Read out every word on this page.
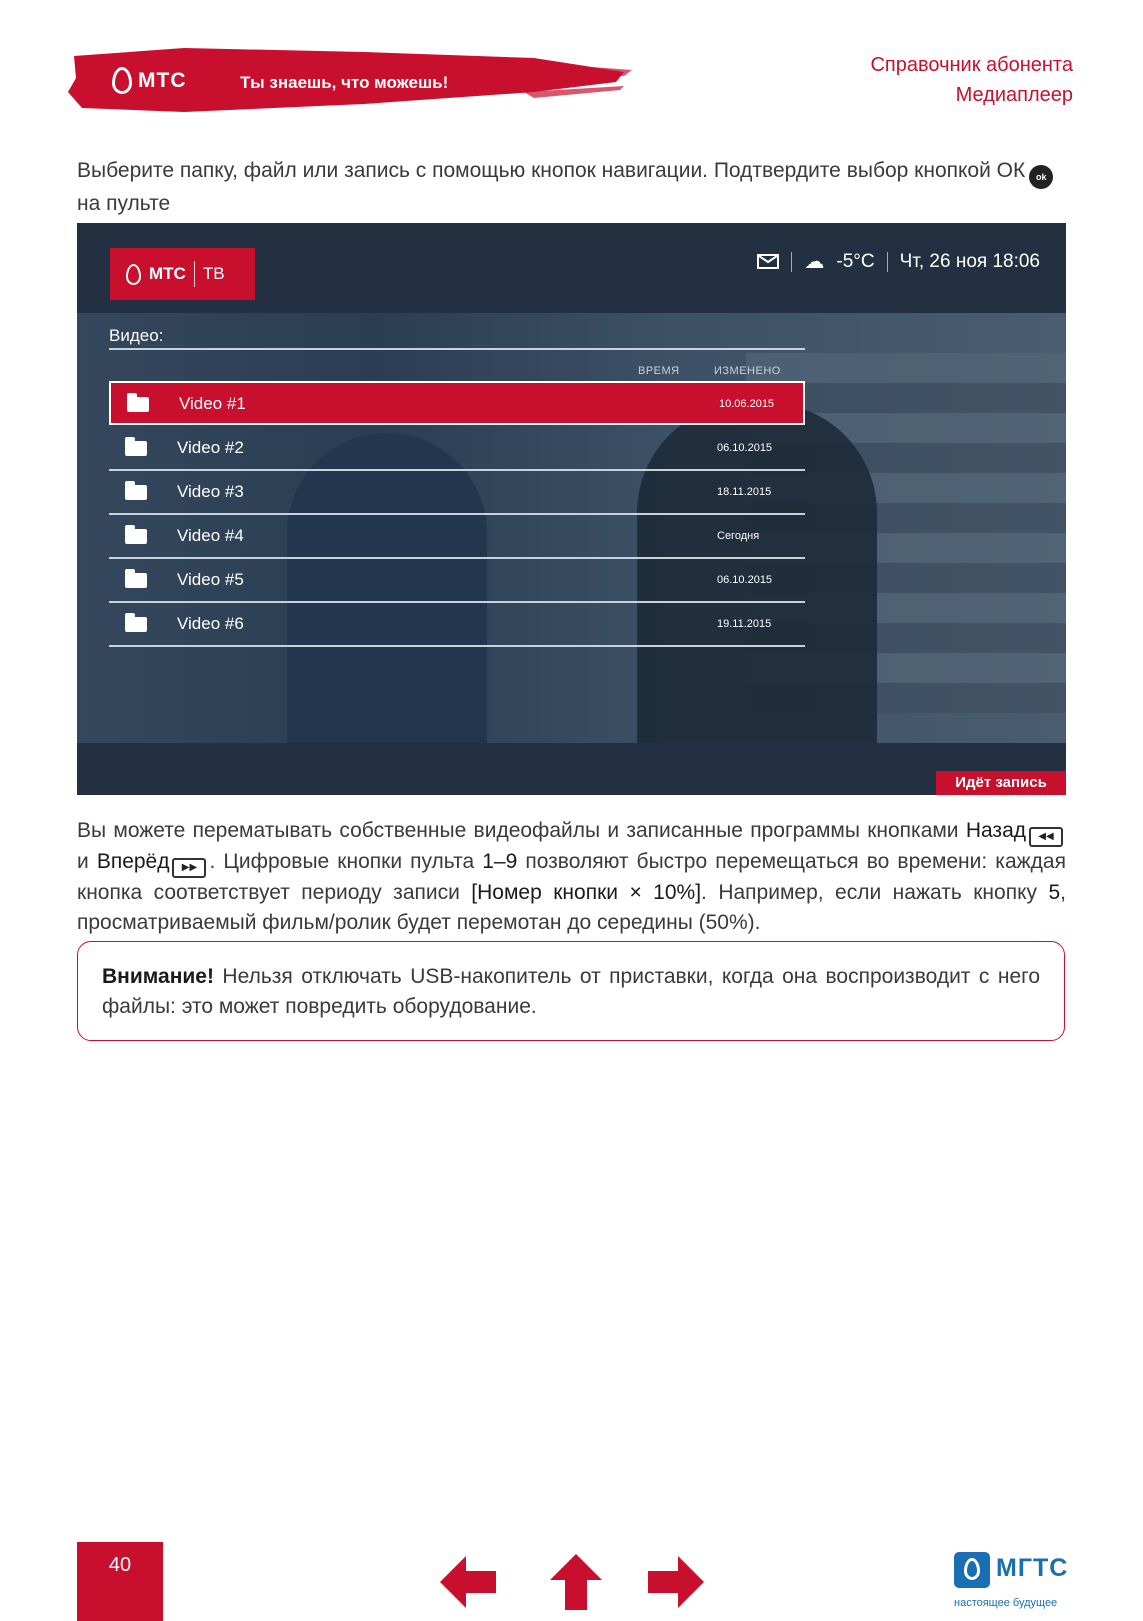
МТС	Ты знаешь, что можешь!
Справочник абонента
Медиаплеер
Выберите папку, файл или запись с помощью кнопок навигации. Подтвердите выбор кнопкой ОК okна пульте
МТС ТВ
☁ -5°C Чт, 26 ноя 18:06
Видео:
ВРЕМЯ	ИЗМЕНЕНО
Video #1	10.06.2015
Video #2	06.10.2015
Video #3	18.11.2015
Video #4	Сегодня
Video #5	06.10.2015
Video #6	19.11.2015
Идёт запись
Вы можете перематывать собственные видеофайлы и записанные программы кнопками Назад ◀◀ и Вперёд ▶▶ . Цифровые кнопки пульта 1–9 позволяют быстро перемещаться во времени: каждая кнопка соответствует периоду записи [Номер кнопки × 10%]. Например, если нажать кнопку 5, просматриваемый фильм/ролик будет перемотан до середины (50%).
Внимание! Нельзя отключать USB-накопитель от приставки, когда она воспроизводит с него файлы: это может повредить оборудование.
40	МГТС
настоящее будущее
